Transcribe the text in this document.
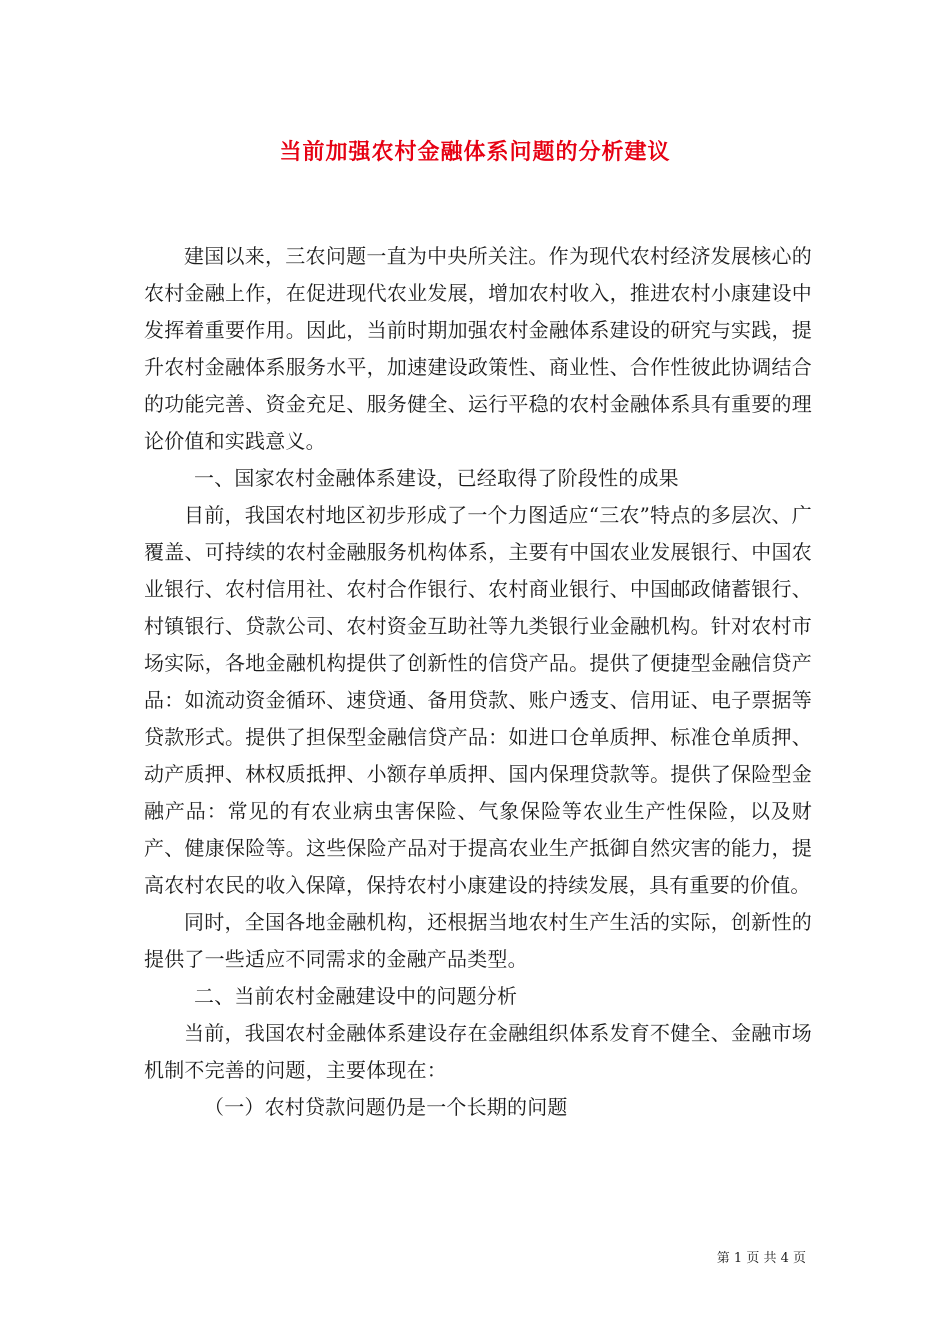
当前加强农村金融体系问题的分析建议

建国以来，三农问题一直为中央所关注。作为现代农村经济发展核心的农村金融上作，在促进现代农业发展，增加农村收入，推进农村小康建设中发挥着重要作用。因此，当前时期加强农村金融体系建设的研究与实践，提升农村金融体系服务水平，加速建设政策性、商业性、合作性彼此协调结合的功能完善、资金充足、服务健全、运行平稳的农村金融体系具有重要的理论价值和实践意义。

一、国家农村金融体系建设，已经取得了阶段性的成果

目前，我国农村地区初步形成了一个力图适应“三农”特点的多层次、广覆盖、可持续的农村金融服务机构体系，主要有中国农业发展银行、中国农业银行、农村信用社、农村合作银行、农村商业银行、中国邮政储蓄银行、村镇银行、贷款公司、农村资金互助社等九类银行业金融机构。针对农村市场实际，各地金融机构提供了创新性的信贷产品。提供了便捷型金融信贷产品：如流动资金循环、速贷通、备用贷款、账户透支、信用证、电子票据等贷款形式。提供了担保型金融信贷产品：如进口仓单质押、标准仓单质押、动产质押、林权质抵押、小额存单质押、国内保理贷款等。提供了保险型金融产品：常见的有农业病虫害保险、气象保险等农业生产性保险，以及财产、健康保险等。这些保险产品对于提高农业生产抵御自然灾害的能力，提高农村农民的收入保障，保持农村小康建设的持续发展，具有重要的价值。

同时，全国各地金融机构，还根据当地农村生产生活的实际，创新性的提供了一些适应不同需求的金融产品类型。

二、当前农村金融建设中的问题分析

当前，我国农村金融体系建设存在金融组织体系发育不健全、金融市场机制不完善的问题，主要体现在：

（一）农村贷款问题仍是一个长期的问题

第 1 页 共 4 页
